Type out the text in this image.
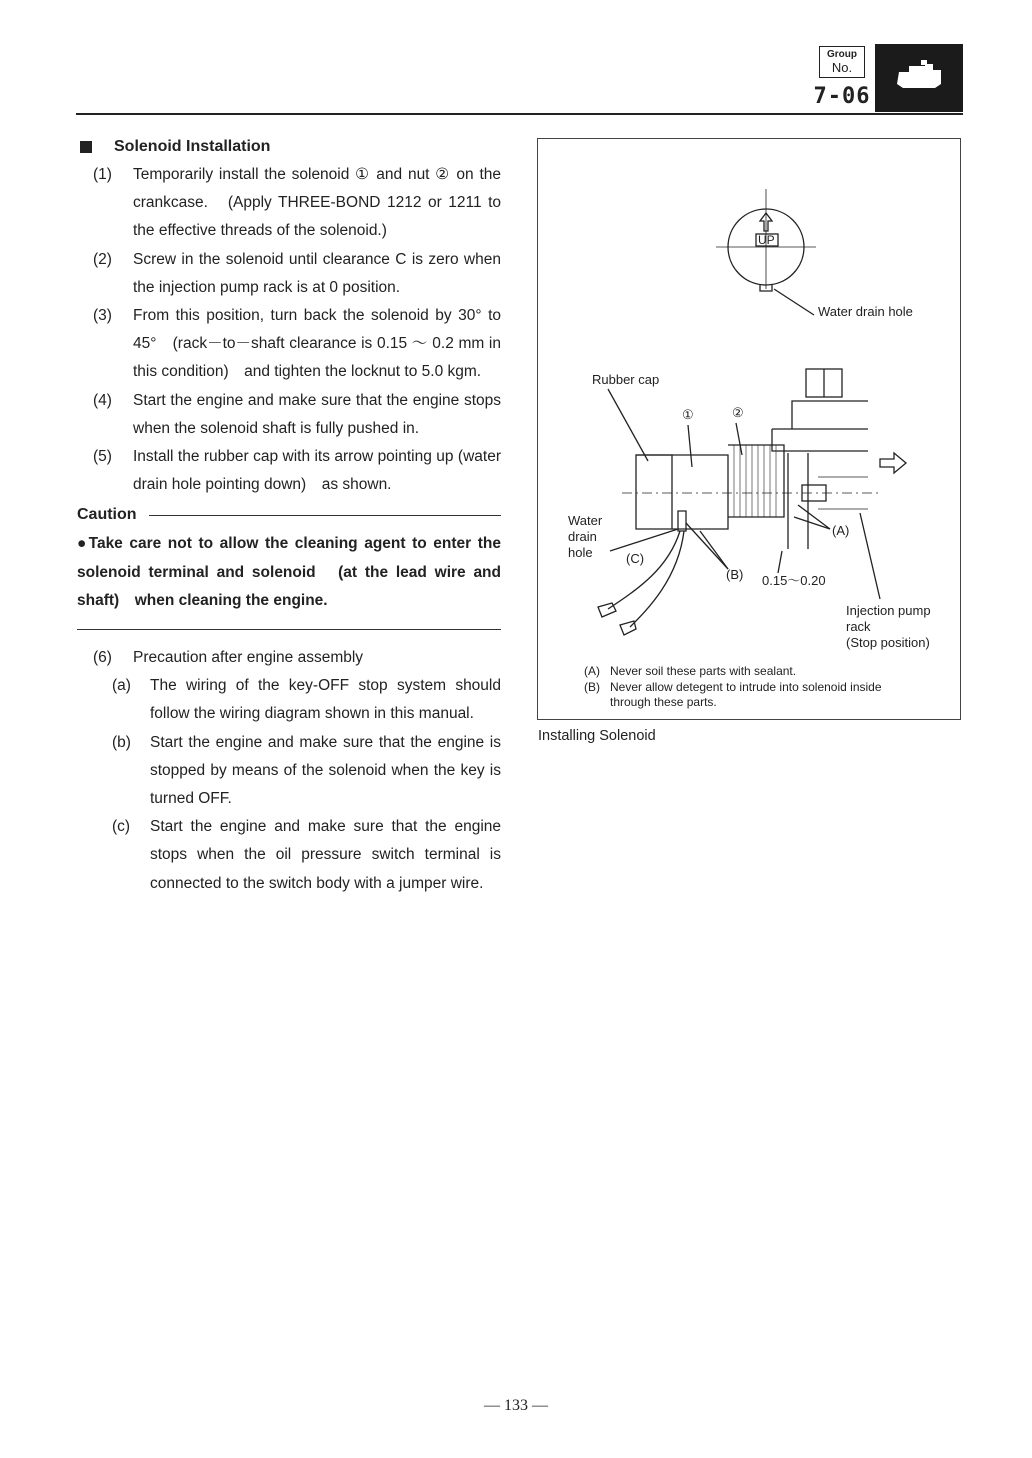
Group
No.
7-06
Solenoid Installation
(1)	Temporarily install the solenoid ① and nut ② on the crankcase.　(Apply THREE-BOND 1212 or 1211 to the effective threads of the solenoid.)
(2)	Screw in the solenoid until clearance C is zero when the injection pump rack is at 0 position.
(3)	From this position, turn back the solenoid by 30° to 45°　(rack－to－shaft clearance is 0.15 ～ 0.2 mm in this condition)　and tighten the locknut to 5.0 kgm.
(4)	Start the engine and make sure that the engine stops when the solenoid shaft is fully pushed in.
(5)	Install the rubber cap with its arrow pointing up (water drain hole pointing down)　as shown.
Caution
●Take care not to allow the cleaning agent to enter the solenoid terminal and solenoid　(at the lead wire and shaft)　when cleaning the engine.
(6)	Precaution after engine assembly
(a)	The wiring of the key-OFF stop system should follow the wiring diagram shown in this manual.
(b)	Start the engine and make sure that the engine is stopped by means of the solenoid when the key is turned OFF.
(c)	Start the engine and make sure that the engine stops when the oil pressure switch terminal is connected to the switch body with a jumper wire.
UP
Water drain hole
Rubber cap
①	②
Water drain hole	(C)
(B)
(A)
0.15～0.20
Injection pump rack (Stop position)
(A) Never soil these parts with sealant.
(B) Never allow detegent to intrude into solenoid inside through these parts.
Installing Solenoid
— 133 —
